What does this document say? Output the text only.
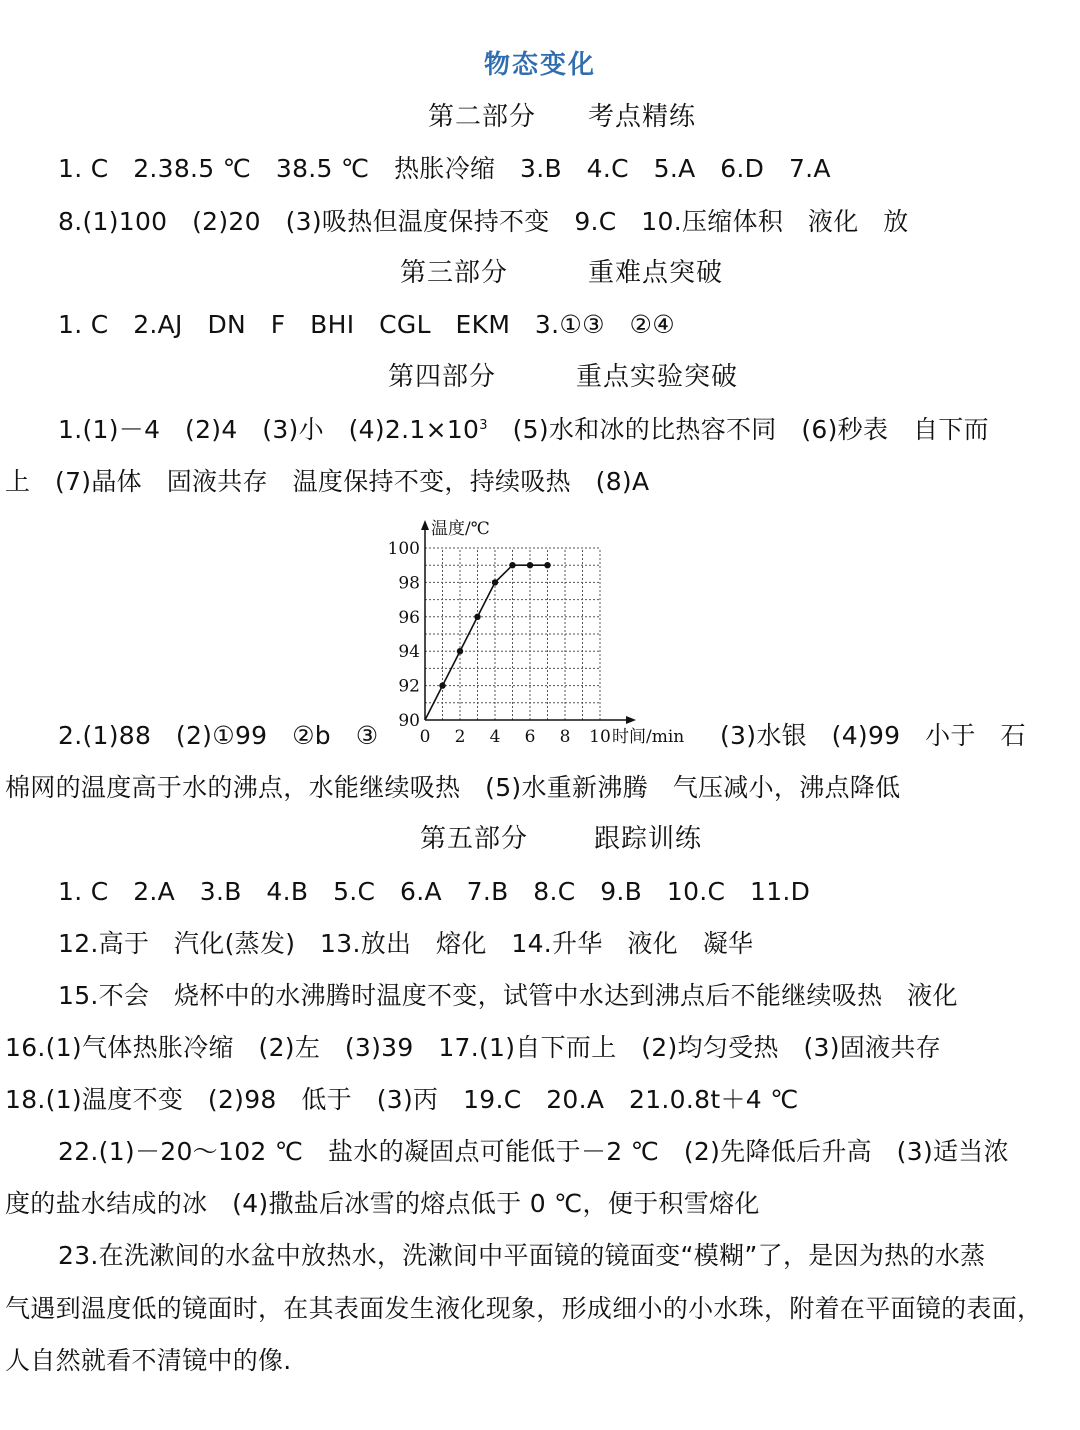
物态变化
第二部分 考点精练
1. C   2.38.5 ℃   38.5 ℃   热胀冷缩   3.B   4.C   5.A   6.D   7.A
8.(1)100   (2)20   (3)吸热但温度保持不变   9.C   10.压缩体积   液化   放
第三部分	重难点突破
1. C   2.AJ   DN   F   BHI   CGL   EKM   3.①③   ②④
第四部分	重点实验突破
1.(1)－4   (2)4   (3)小   $(4)2.1\times 10^3$   (5)水和冰的比热容不同   (6)秒表   自下而
上   (7)晶体   固液共存   温度保持不变，持续吸热   (8)A
温度/℃
时间/min
0 2 4 6 8 10
90
92
94
96
98
100
2.(1)88   (2)①99   ②b   ③	(3)水银   (4)99   小于   石
棉网的温度高于水的沸点，水能继续吸热   (5)水重新沸腾   气压减小，沸点降低
第五部分	跟踪训练
1. C   2.A   3.B   4.B   5.C   6.A   7.B   8.C   9.B   10.C   11.D
12.高于   汽化(蒸发)   13.放出   熔化   14.升华   液化   凝华
15.不会   烧杯中的水沸腾时温度不变，试管中水达到沸点后不能继续吸热   液化
16.(1)气体热胀冷缩   (2)左   (3)39   17.(1)自下而上   (2)均匀受热   (3)固液共存
18.(1)温度不变   (2)98   低于   (3)丙   19.C   20.A   21.0.8t＋4 ℃
22.(1)－20～102 ℃   盐水的凝固点可能低于－2 ℃   (2)先降低后升高   (3)适当浓
度的盐水结成的冰   (4)撒盐后冰雪的熔点低于 0 ℃，便于积雪熔化
23.在洗漱间的水盆中放热水，洗漱间中平面镜的镜面变“模糊”了，是因为热的水蒸
气遇到温度低的镜面时，在其表面发生液化现象，形成细小的小水珠，附着在平面镜的表面，
人自然就看不清镜中的像.
